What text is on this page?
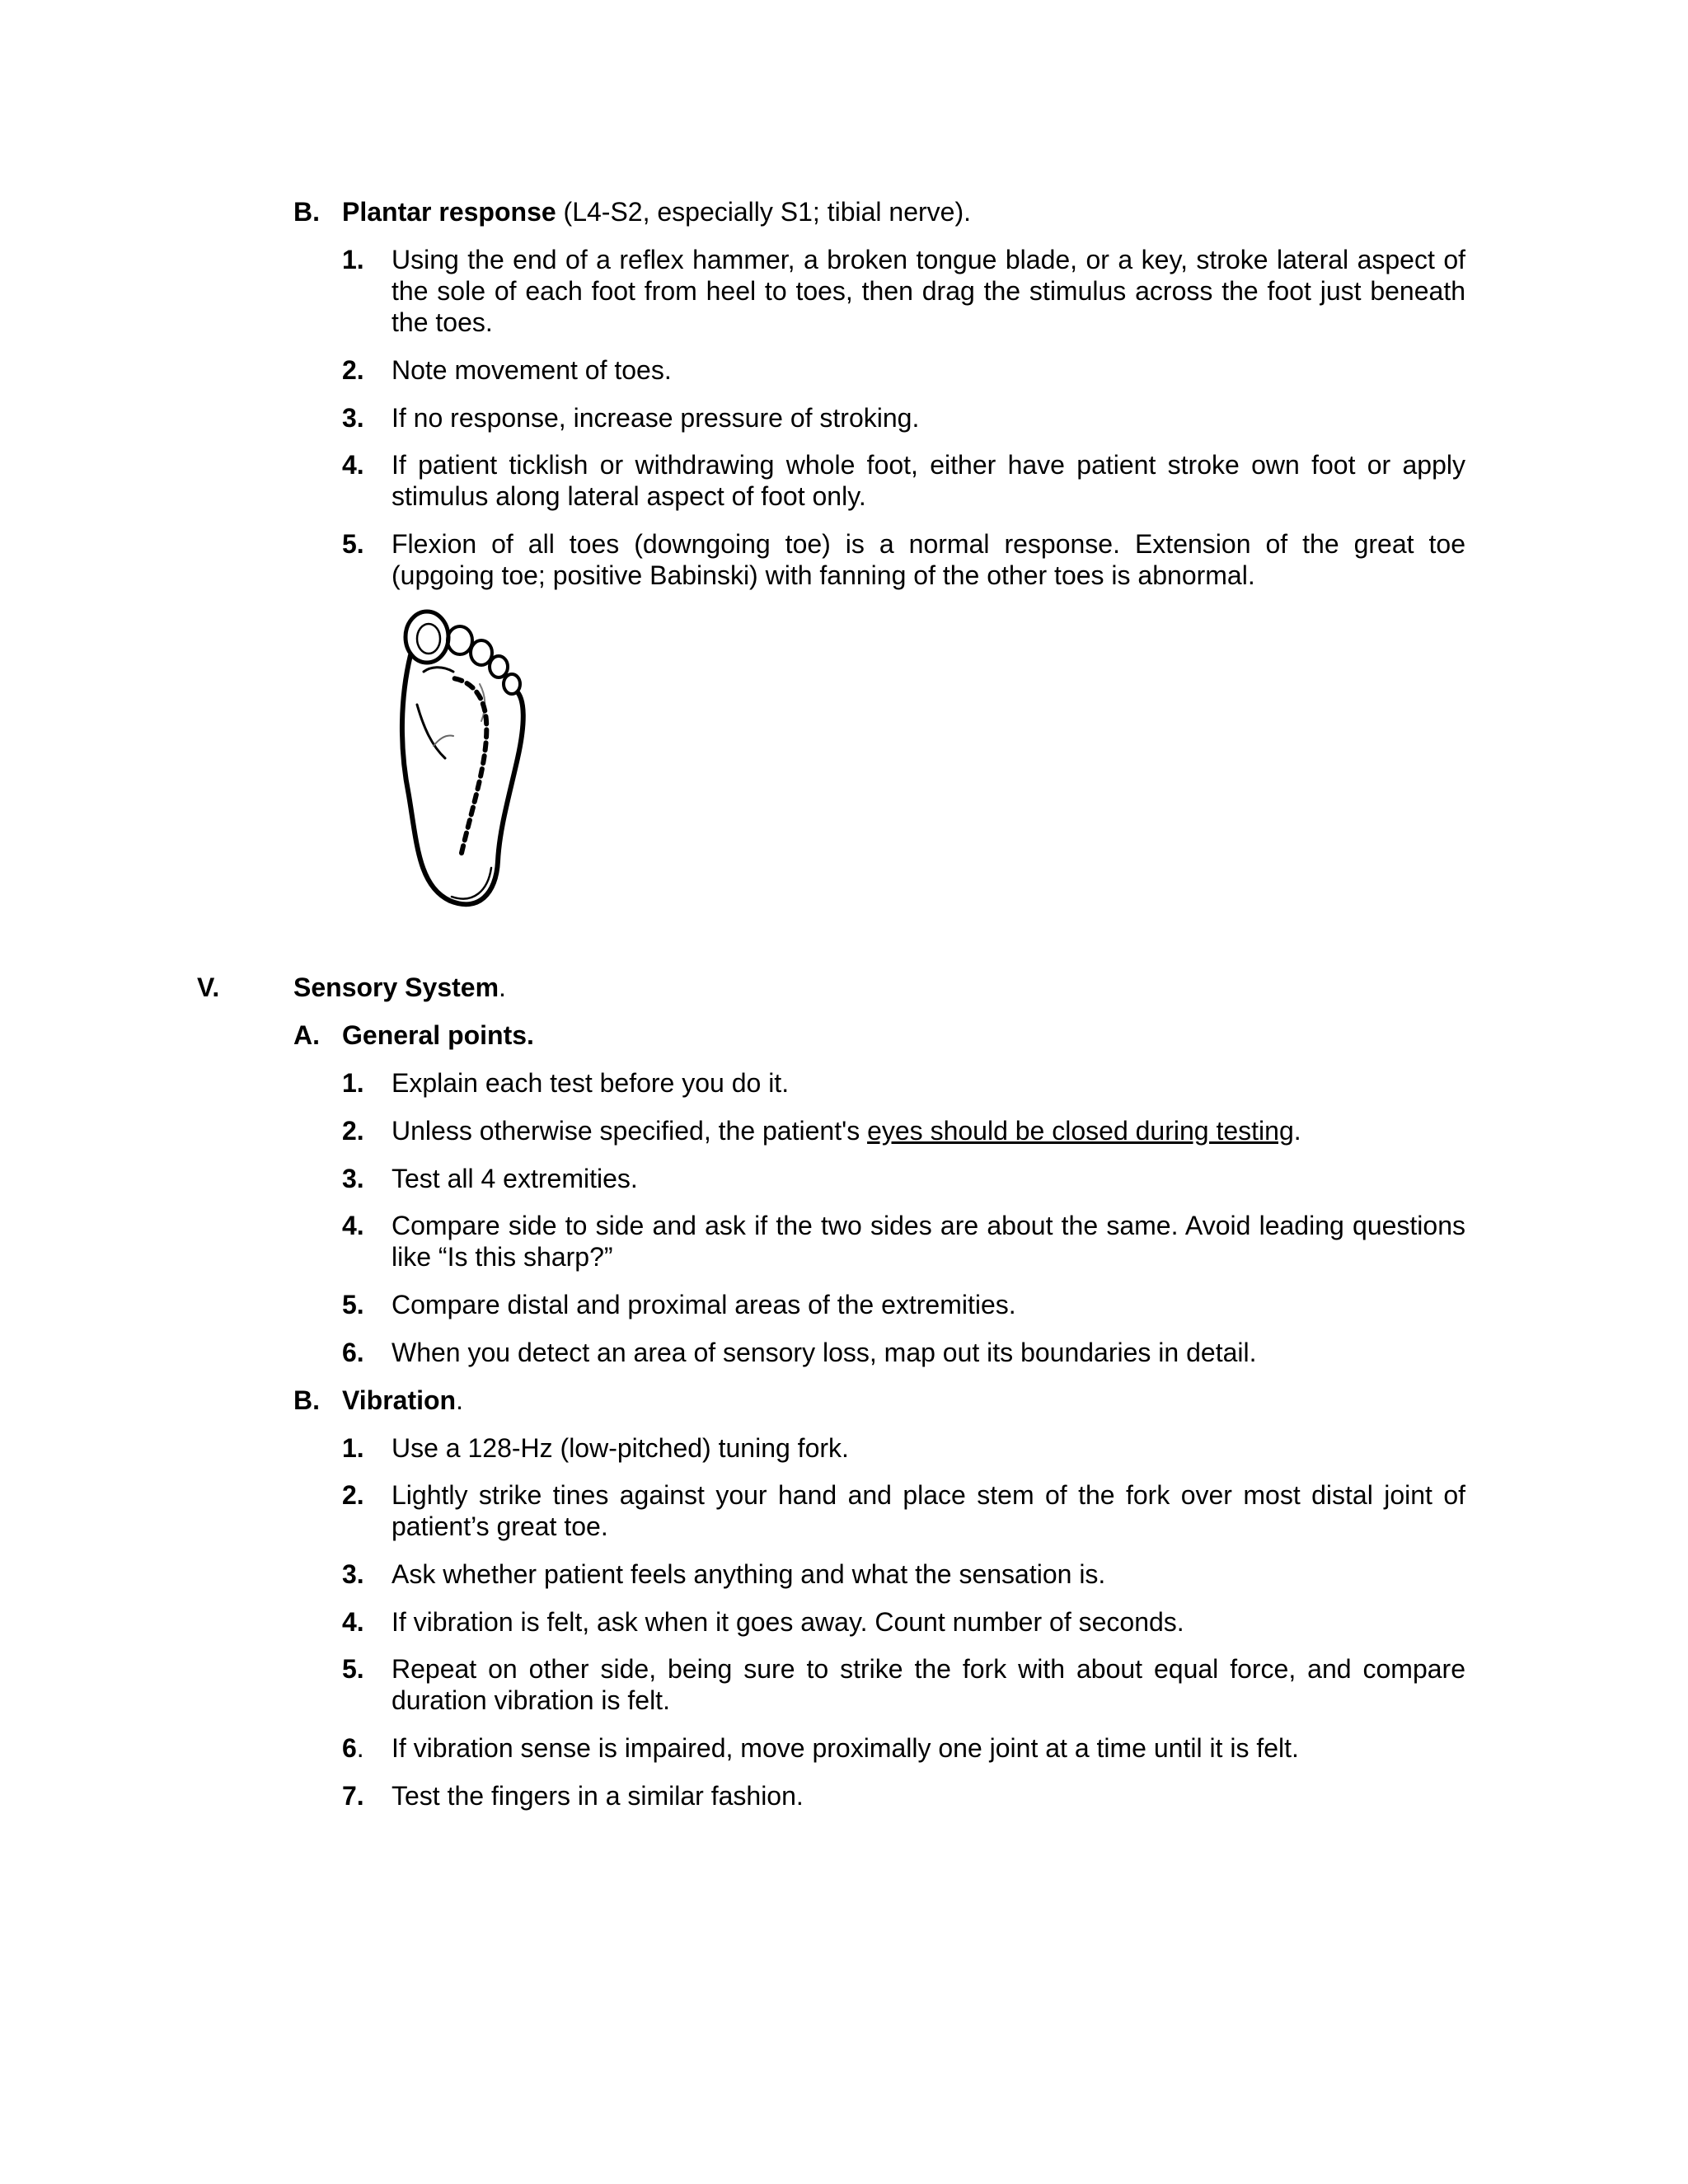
B. Plantar response (L4-S2, especially S1; tibial nerve).
1. Using the end of a reflex hammer, a broken tongue blade, or a key, stroke lateral aspect of the sole of each foot from heel to toes, then drag the stimulus across the foot just beneath the toes.
2. Note movement of toes.
3. If no response, increase pressure of stroking.
4. If patient ticklish or withdrawing whole foot, either have patient stroke own foot or apply stimulus along lateral aspect of foot only.
5. Flexion of all toes (downgoing toe) is a normal response. Extension of the great toe (upgoing toe; positive Babinski) with fanning of the other toes is abnormal.
V.	Sensory System.
A. General points.
1. Explain each test before you do it.
2. Unless otherwise specified, the patient's eyes should be closed during testing.
3. Test all 4 extremities.
4. Compare side to side and ask if the two sides are about the same. Avoid leading questions like “Is this sharp?”
5. Compare distal and proximal areas of the extremities.
6. When you detect an area of sensory loss, map out its boundaries in detail.
B. Vibration.
1. Use a 128-Hz (low-pitched) tuning fork.
2. Lightly strike tines against your hand and place stem of the fork over most distal joint of patient’s great toe.
3. Ask whether patient feels anything and what the sensation is.
4. If vibration is felt, ask when it goes away. Count number of seconds.
5. Repeat on other side, being sure to strike the fork with about equal force, and compare duration vibration is felt.
6. If vibration sense is impaired, move proximally one joint at a time until it is felt.
7. Test the fingers in a similar fashion.
